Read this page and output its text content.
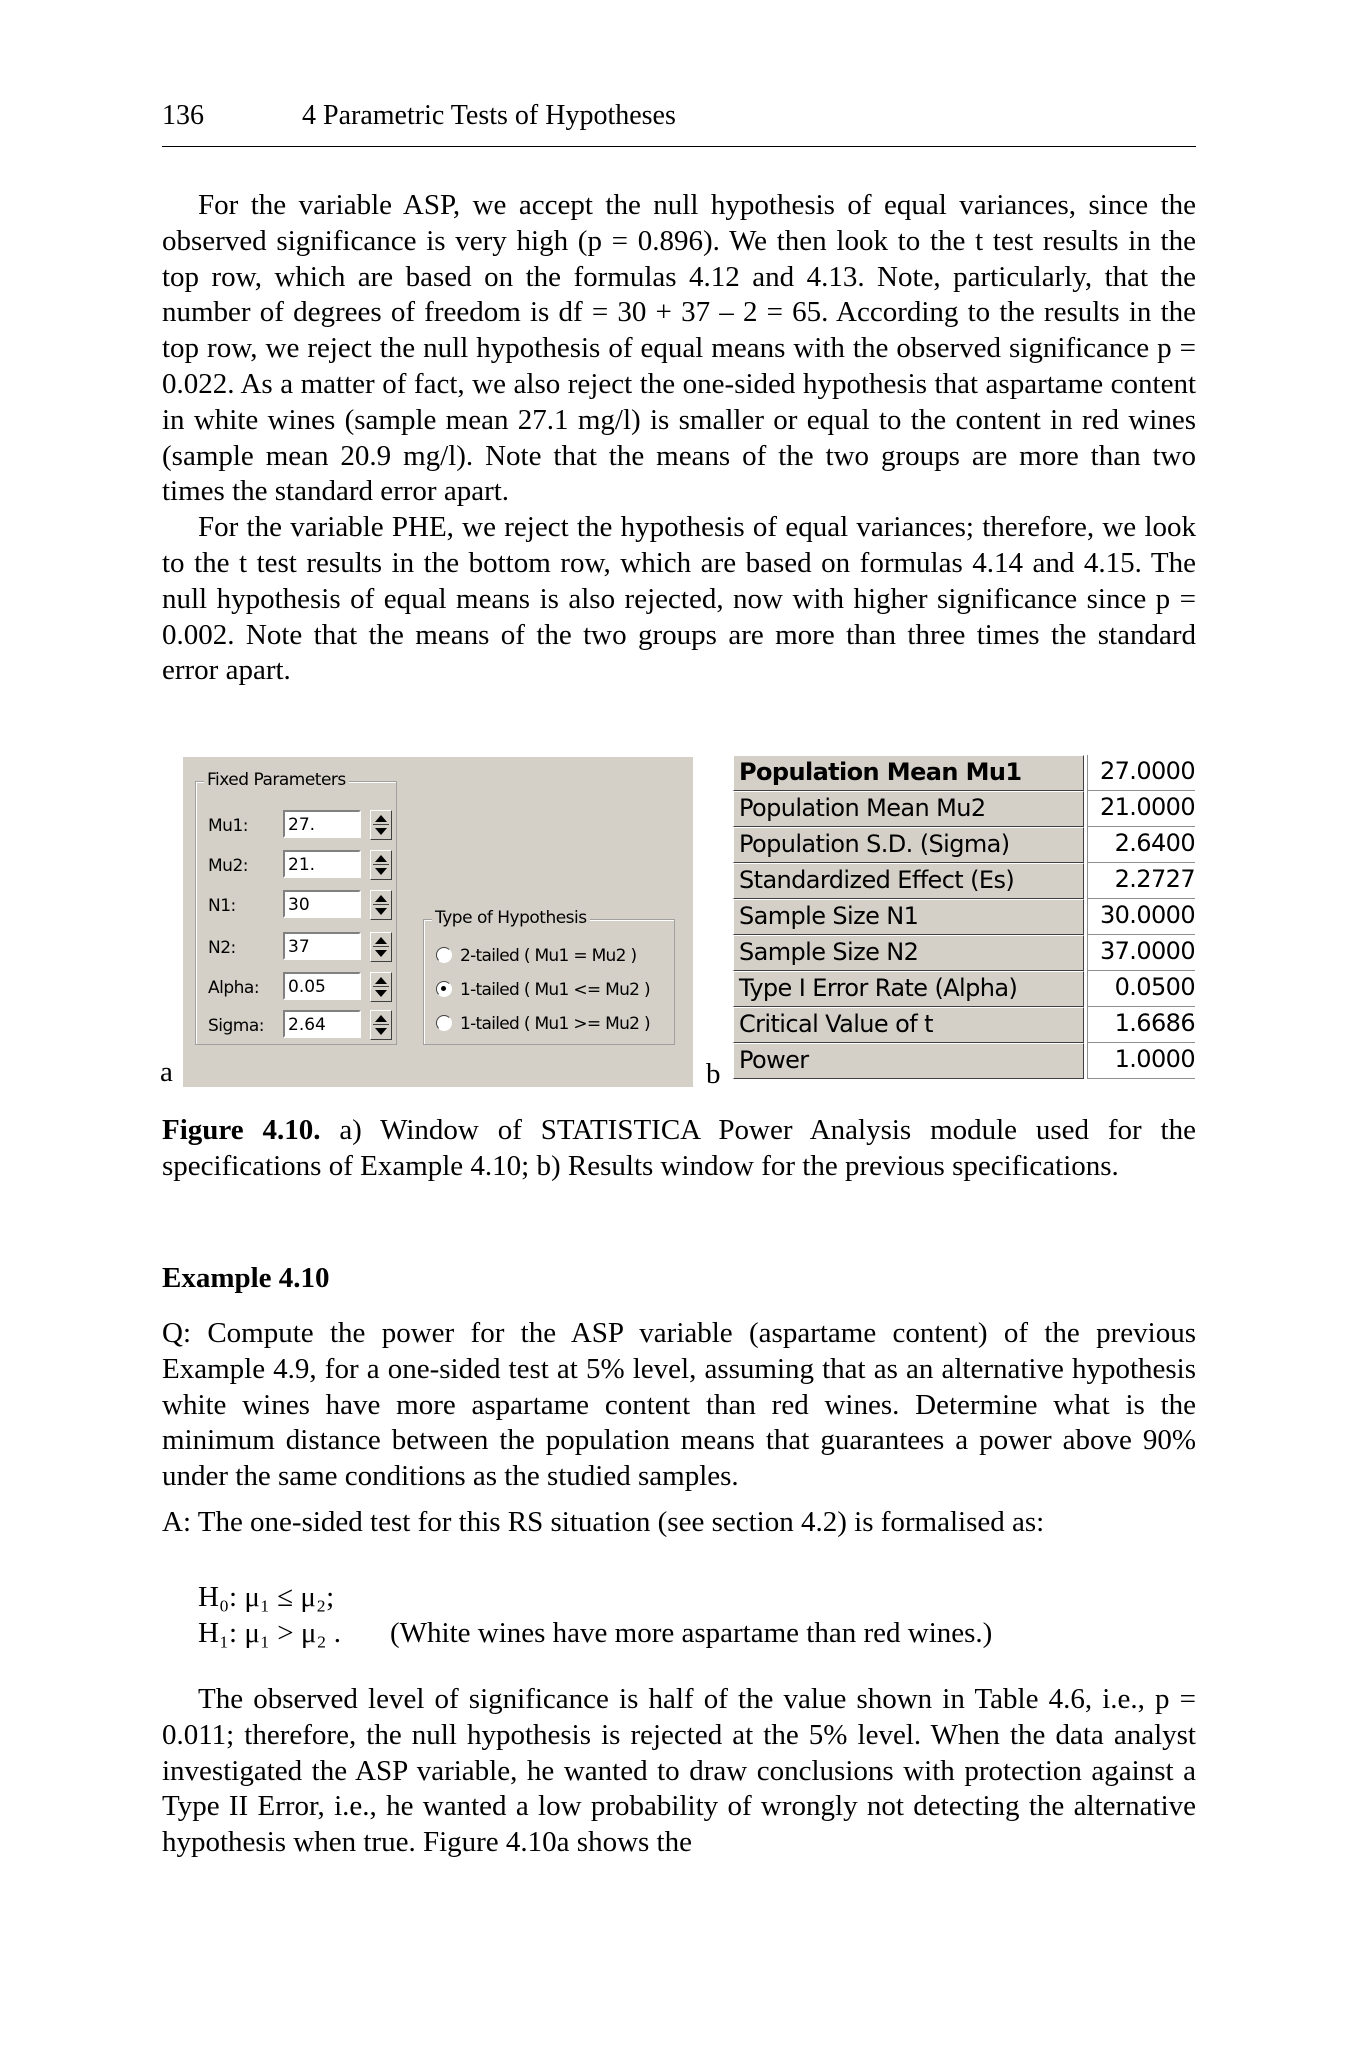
136	4 Parametric Tests of Hypotheses

For the variable ASP, we accept the null hypothesis of equal variances, since the observed significance is very high (p = 0.896). We then look to the t test results in the top row, which are based on the formulas 4.12 and 4.13. Note, particularly, that the number of degrees of freedom is df = 30 + 37 – 2 = 65. According to the results in the top row, we reject the null hypothesis of equal means with the observed significance p = 0.022. As a matter of fact, we also reject the one-sided hypothesis that aspartame content in white wines (sample mean 27.1 mg/l) is smaller or equal to the content in red wines (sample mean 20.9 mg/l). Note that the means of the two groups are more than two times the standard error apart.

For the variable PHE, we reject the hypothesis of equal variances; therefore, we look to the t test results in the bottom row, which are based on formulas 4.14 and 4.15. The null hypothesis of equal means is also rejected, now with higher significance since p = 0.002. Note that the means of the two groups are more than three times the standard error apart.

Fixed Parameters
Mu1: 27.
Mu2: 21.
N1:	30
N2:	37
Alpha: 0.05
Sigma: 2.64
Type of Hypothesis
2-tailed ( Mu1 = Mu2 )
1-tailed ( Mu1 <= Mu2 )
1-tailed ( Mu1 >= Mu2 )
a
Population Mean Mu1	27.0000
Population Mean Mu2	21.0000
Population S.D. (Sigma)	2.6400
Standardized Effect (Es)	2.2727
Sample Size N1	30.0000
Sample Size N2	37.0000
Type I Error Rate (Alpha)	0.0500
Critical Value of t	1.6686
Power	1.0000
b
Figure 4.10. a) Window of STATISTICA Power Analysis module used for the specifications of Example 4.10; b) Results window for the previous specifications.
Example 4.10

Q: Compute the power for the ASP variable (aspartame content) of the previous Example 4.9, for a one-sided test at 5% level, assuming that as an alternative hypothesis white wines have more aspartame content than red wines. Determine what is the minimum distance between the population means that guarantees a power above 90% under the same conditions as the studied samples.

A: The one-sided test for this RS situation (see section 4.2) is formalised as:

H₀: μ₁ ≤ μ₂;
H₁: μ₁ > μ₂ . (White wines have more aspartame than red wines.)

The observed level of significance is half of the value shown in Table 4.6, i.e., p = 0.011; therefore, the null hypothesis is rejected at the 5% level. When the data analyst investigated the ASP variable, he wanted to draw conclusions with protection against a Type II Error, i.e., he wanted a low probability of wrongly not detecting the alternative hypothesis when true. Figure 4.10a shows the
